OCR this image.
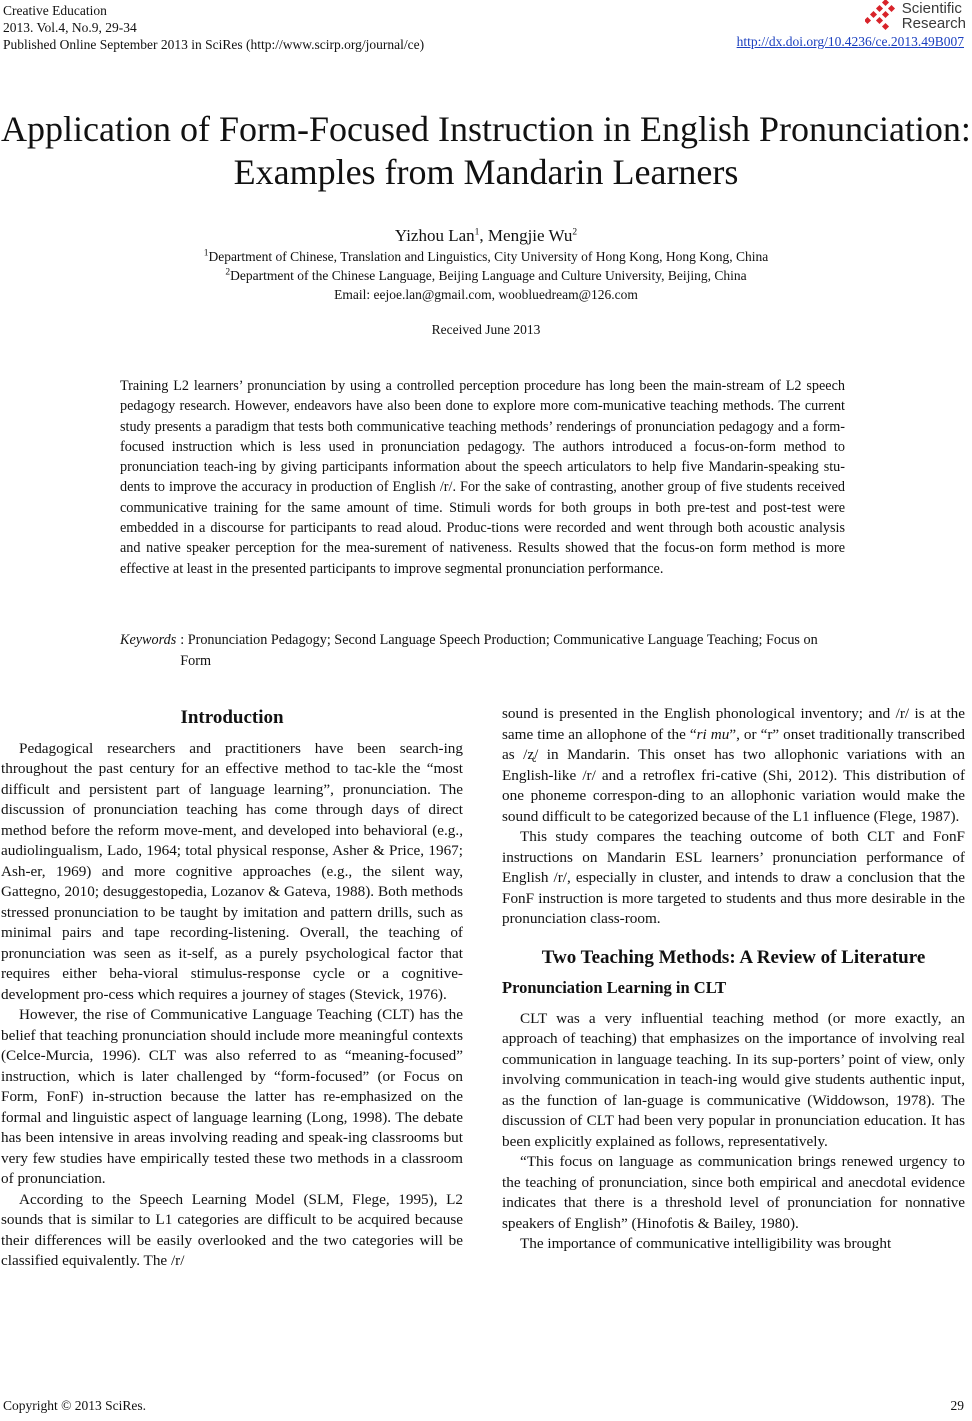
Creative Education
2013. Vol.4, No.9, 29-34
Published Online September 2013 in SciRes (http://www.scirp.org/journal/ce)
Scientific
Research
http://dx.doi.org/10.4236/ce.2013.49B007
Application of Form-Focused Instruction in English Pronunciation:
Examples from Mandarin Learners
Yizhou Lan$^1$, Mengjie Wu$^2$
$^1$Department of Chinese, Translation and Linguistics, City University of Hong Kong, Hong Kong, China
$^2$Department of the Chinese Language, Beijing Language and Culture University, Beijing, China
Email: eejoe.lan@gmail.com, woobluedream@126.com
Received June 2013
Training L2 learners’ pronunciation by using a controlled perception procedure has long been the main-stream of L2 speech pedagogy research. However, endeavors have also been done to explore more com-municative teaching methods. The current study presents a paradigm that tests both communicative teaching methods’ renderings of pronunciation pedagogy and a form-focused instruction which is less used in pronunciation pedagogy. The authors introduced a focus-on-form method to pronunciation teach-ing by giving participants information about the speech articulators to help five Mandarin-speaking stu-dents to improve the accuracy in production of English /r/. For the sake of contrasting, another group of five students received communicative training for the same amount of time. Stimuli words for both groups in both pre-test and post-test were embedded in a discourse for participants to read aloud. Produc-tions were recorded and went through both acoustic analysis and native speaker perception for the mea-surement of nativeness. Results showed that the focus-on form method is more effective at least in the presented participants to improve segmental pronunciation performance.
Keywords : Pronunciation Pedagogy; Second Language Speech Production; Communicative Language Teaching; Focus on Form

Introduction

Pedagogical researchers and practitioners have been search-ing throughout the past century for an effective method to tac-kle the “most difficult and persistent part of language learning”, pronunciation. The discussion of pronunciation teaching has come through days of direct method before the reform move-ment, and developed into behavioral (e.g., audiolingualism, Lado, 1964; total physical response, Asher & Price, 1967; Ash-er, 1969) and more cognitive approaches (e.g., the silent way, Gattegno, 2010; desuggestopedia, Lozanov & Gateva, 1988). Both methods stressed pronunciation to be taught by imitation and pattern drills, such as minimal pairs and tape recording-listening. Overall, the teaching of pronunciation was seen as it-self, as a purely psychological factor that requires either beha-vioral stimulus-response cycle or a cognitive-development pro-cess which requires a journey of stages (Stevick, 1976).

However, the rise of Communicative Language Teaching (CLT) has the belief that teaching pronunciation should include more meaningful contexts (Celce-Murcia, 1996). CLT was also referred to as “meaning-focused” instruction, which is later challenged by “form-focused” (or Focus on Form, FonF) in-struction because the latter has re-emphasized on the formal and linguistic aspect of language learning (Long, 1998). The debate has been intensive in areas involving reading and speak-ing classrooms but very few studies have empirically tested these two methods in a classroom of pronunciation.

According to the Speech Learning Model (SLM, Flege, 1995), L2 sounds that is similar to L1 categories are difficult to be acquired because their differences will be easily overlooked and the two categories will be classified equivalently. The /r/

sound is presented in the English phonological inventory; and /r/ is at the same time an allophone of the “ri mu”, or “r” onset traditionally transcribed as /ʐ/ in Mandarin. This onset has two allophonic variations with an English-like /r/ and a retroflex fri-cative (Shi, 2012). This distribution of one phoneme correspon-ding to an allophonic variation would make the sound difficult to be categorized because of the L1 influence (Flege, 1987).

This study compares the teaching outcome of both CLT and FonF instructions on Mandarin ESL learners’ pronunciation performance of English /r/, especially in cluster, and intends to draw a conclusion that the FonF instruction is more targeted to students and thus more desirable in the pronunciation class-room.

Two Teaching Methods: A Review of Literature

Pronunciation Learning in CLT

CLT was a very influential teaching method (or more exactly, an approach of teaching) that emphasizes on the importance of involving real communication in language teaching. In its sup-porters’ point of view, only involving communication in teach-ing would give students authentic input, as the function of lan-guage is communicative (Widdowson, 1978). The discussion of CLT had been very popular in pronunciation education. It has been explicitly explained as follows, representatively.

“This focus on language as communication brings renewed urgency to the teaching of pronunciation, since both empirical and anecdotal evidence indicates that there is a threshold level of pronunciation for nonnative speakers of English” (Hinofotis & Bailey, 1980).

The importance of communicative intelligibility was brought

Copyright © 2013 SciRes.	29
